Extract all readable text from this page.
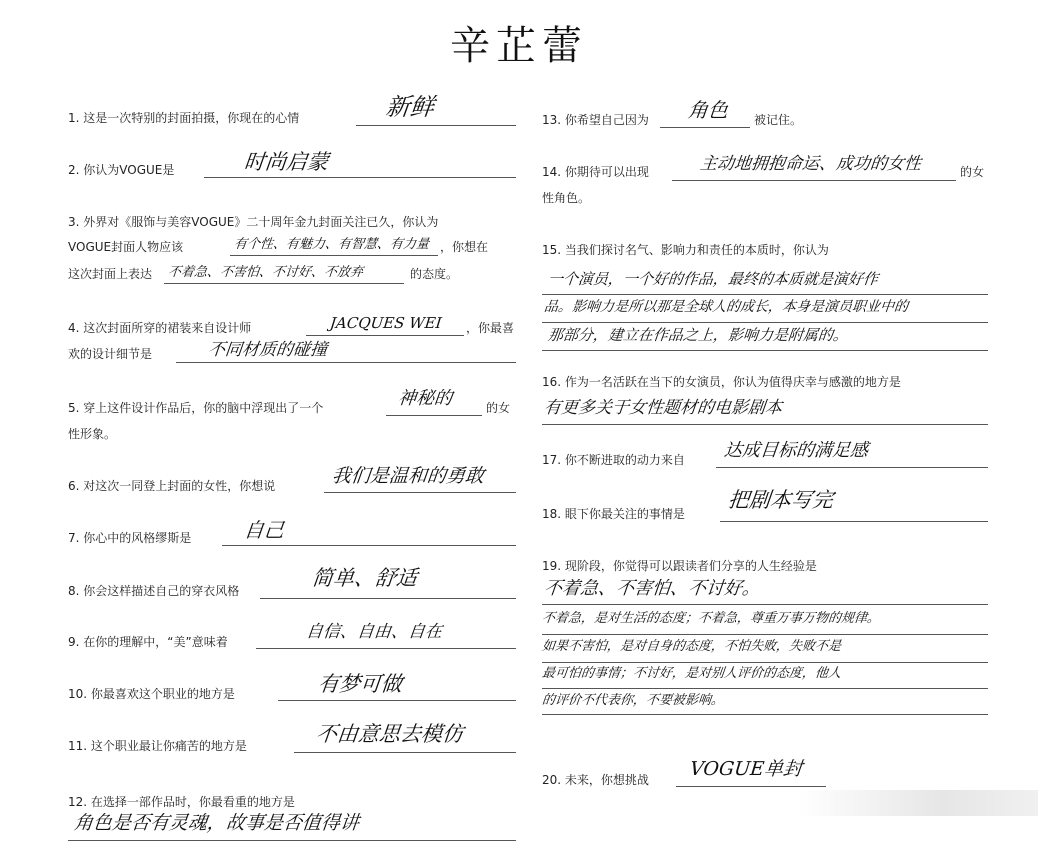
辛芷蕾
1. 这是一次特别的封面拍摄，你现在的心情	新鲜
2. 你认为VOGUE是	时尚启蒙
3. 外界对《服饰与美容VOGUE》二十周年金九封面关注已久，你认为
VOGUE封面人物应该	有个性、有魅力、有智慧、有力量 ，你想在
这次封面上表达 不着急、不害怕、不讨好、不放弃	的态度。
4. 这次封面所穿的裙装来自设计师	JACQUES WEI ，你最喜
欢的设计细节是	不同材质的碰撞
5. 穿上这件设计作品后，你的脑中浮现出了一个	神秘的	的女
性形象。
6. 对这次一同登上封面的女性，你想说	我们是温和的勇敢
7. 你心中的风格缪斯是	自己
8. 你会这样描述自己的穿衣风格
简单、舒适
9. 在你的理解中，“美”意味着	自信、自由、自在
10. 你最喜欢这个职业的地方是	有梦可做
11. 这个职业最让你痛苦的地方是	不由意思去模仿
12. 在选择一部作品时，你最看重的地方是
角色是否有灵魂，故事是否值得讲
13. 你希望自己因为 角色 被记住。
14. 你期待可以出现	主动地拥抱命运、成功的女性	的女
性角色。
15. 当我们探讨名气、影响力和责任的本质时，你认为
一个演员，一个好的作品，最终的本质就是演好作
品。影响力是所以那是全球人的成长，本身是演员职业中的
那部分，建立在作品之上，影响力是附属的。
16. 作为一名活跃在当下的女演员，你认为值得庆幸与感激的地方是
有更多关于女性题材的电影剧本
17. 你不断进取的动力来自 达成目标的满足感
18. 眼下你最关注的事情是
把剧本写完
19. 现阶段，你觉得可以跟读者们分享的人生经验是
不着急、不害怕、不讨好。
不着急，是对生活的态度；不着急，尊重万事万物的规律。
如果不害怕，是对自身的态度，不怕失败，失败不是
最可怕的事情；不讨好，是对别人评价的态度，他人
的评价不代表你，不要被影响。
20. 未来，你想挑战 VOGUE单封
